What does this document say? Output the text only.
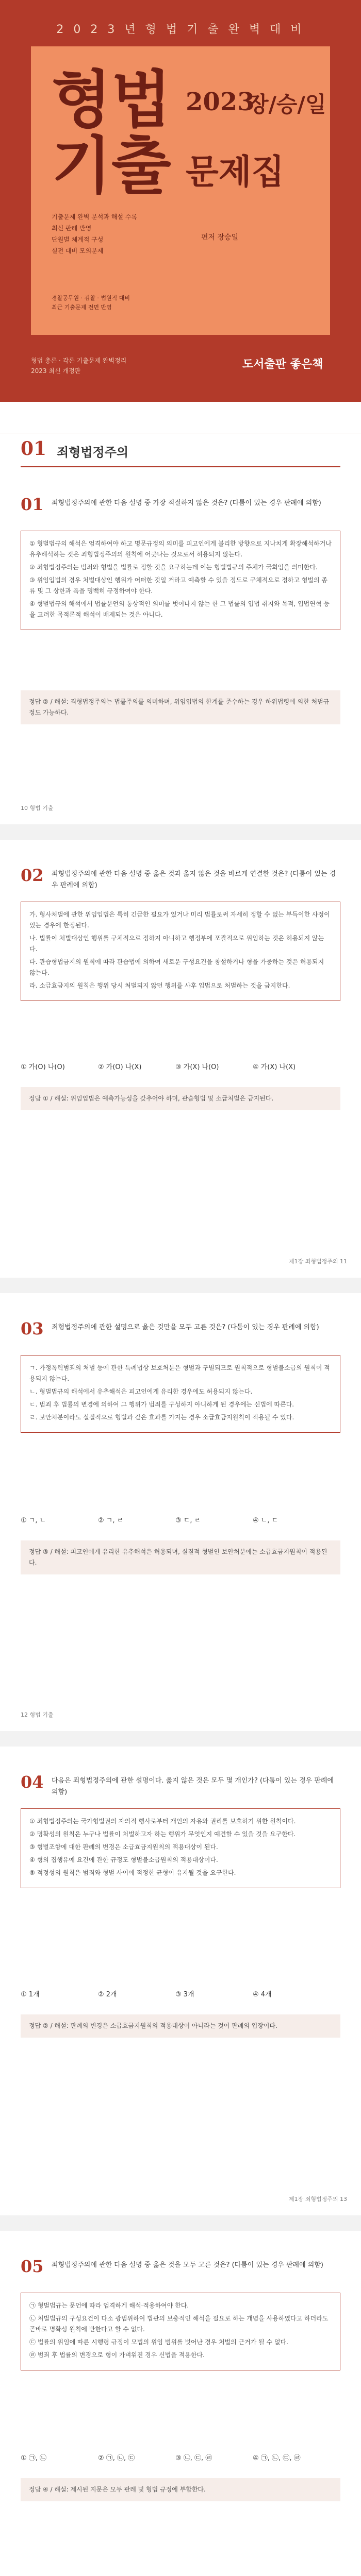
2 0 2 3 년 형 법 기 출 완 벽 대 비
형법
기출
2023
장/승/일
문제집
기출문제 완벽 분석과 해설 수록
최신 판례 반영
단원별 체계적 구성
실전 대비 모의문제
편저 장승일
경찰공무원 · 검찰 · 법원직 대비
최근 기출문제 전면 반영
형법 총론 · 각론 기출문제 완벽정리
2023 최신 개정판	도서출판 좋은책
01 죄형법정주의
01 죄형법정주의에 관한 다음 설명 중 가장 적절하지 않은 것은? (다툼이 있는 경우 판례에 의함)
① 형벌법규의 해석은 엄격하여야 하고 명문규정의 의미를 피고인에게 불리한 방향으로 지나치게 확장해석하거나 유추해석하는 것은 죄형법정주의의 원칙에 어긋나는 것으로서 허용되지 않는다.
② 죄형법정주의는 범죄와 형벌을 법률로 정할 것을 요구하는데 이는 형벌법규의 주체가 국회임을 의미한다.
③ 위임입법의 경우 처벌대상인 행위가 어떠한 것일 거라고 예측할 수 있을 정도로 구체적으로 정하고 형벌의 종류 및 그 상한과 폭을 명백히 규정하여야 한다.
④ 형벌법규의 해석에서 법률문언의 통상적인 의미를 벗어나지 않는 한 그 법률의 입법 취지와 목적, 입법연혁 등을 고려한 목적론적 해석이 배제되는 것은 아니다.
정답 ② / 해설: 죄형법정주의는 법률주의를 의미하며, 위임입법의 한계를 준수하는 경우 하위법령에 의한 처벌규정도 가능하다.
10 형법 기출
02 죄형법정주의에 관한 다음 설명 중 옳은 것과 옳지 않은 것을 바르게 연결한 것은? (다툼이 있는 경우 판례에 의함)
가. 형사처벌에 관한 위임입법은 특히 긴급한 필요가 있거나 미리 법률로써 자세히 정할 수 없는 부득이한 사정이 있는 경우에 한정된다.
나. 법률이 처벌대상인 행위를 구체적으로 정하지 아니하고 행정부에 포괄적으로 위임하는 것은 허용되지 않는다.
다. 관습형법금지의 원칙에 따라 관습법에 의하여 새로운 구성요건을 창설하거나 형을 가중하는 것은 허용되지 않는다.
라. 소급효금지의 원칙은 행위 당시 처벌되지 않던 행위를 사후 입법으로 처벌하는 것을 금지한다.
① 가(O) 나(O)	② 가(O) 나(X)	③ 가(X) 나(O)	④ 가(X) 나(X)
정답 ① / 해설: 위임입법은 예측가능성을 갖추어야 하며, 관습형법 및 소급처벌은 금지된다.
제1장 죄형법정주의 11
03 죄형법정주의에 관한 설명으로 옳은 것만을 모두 고른 것은? (다툼이 있는 경우 판례에 의함)
ㄱ. 가정폭력범죄의 처벌 등에 관한 특례법상 보호처분은 형벌과 구별되므로 원칙적으로 형벌불소급의 원칙이 적용되지 않는다.
ㄴ. 형벌법규의 해석에서 유추해석은 피고인에게 유리한 경우에도 허용되지 않는다.
ㄷ. 범죄 후 법률의 변경에 의하여 그 행위가 범죄를 구성하지 아니하게 된 경우에는 신법에 따른다.
ㄹ. 보안처분이라도 실질적으로 형벌과 같은 효과를 가지는 경우 소급효금지원칙이 적용될 수 있다.
① ㄱ, ㄴ	② ㄱ, ㄹ	③ ㄷ, ㄹ	④ ㄴ, ㄷ
정답 ③ / 해설: 피고인에게 유리한 유추해석은 허용되며, 실질적 형벌인 보안처분에는 소급효금지원칙이 적용된다.
12 형법 기출
04 다음은 죄형법정주의에 관한 설명이다. 옳지 않은 것은 모두 몇 개인가? (다툼이 있는 경우 판례에 의함)
① 죄형법정주의는 국가형벌권의 자의적 행사로부터 개인의 자유와 권리를 보호하기 위한 원칙이다.
② 명확성의 원칙은 누구나 법률이 처벌하고자 하는 행위가 무엇인지 예견할 수 있을 것을 요구한다.
③ 형벌조항에 대한 판례의 변경은 소급효금지원칙의 적용대상이 된다.
④ 형의 집행유예 요건에 관한 규정도 형벌불소급원칙의 적용대상이다.
⑤ 적정성의 원칙은 범죄와 형벌 사이에 적정한 균형이 유지될 것을 요구한다.
① 1개	② 2개	③ 3개	④ 4개
정답 ② / 해설: 판례의 변경은 소급효금지원칙의 적용대상이 아니라는 것이 판례의 입장이다.
제1장 죄형법정주의 13
05 죄형법정주의에 관한 다음 설명 중 옳은 것을 모두 고른 것은? (다툼이 있는 경우 판례에 의함)
㉠ 형벌법규는 문언에 따라 엄격하게 해석·적용하여야 한다.
㉡ 처벌법규의 구성요건이 다소 광범위하여 법관의 보충적인 해석을 필요로 하는 개념을 사용하였다고 하더라도 곧바로 명확성 원칙에 반한다고 할 수 없다.
㉢ 법률의 위임에 따른 시행령 규정이 모법의 위임 범위를 벗어난 경우 처벌의 근거가 될 수 없다.
㉣ 범죄 후 법률의 변경으로 형이 가벼워진 경우 신법을 적용한다.
① ㉠, ㉡	② ㉠, ㉡, ㉢	③ ㉡, ㉢, ㉣	④ ㉠, ㉡, ㉢, ㉣
정답 ④ / 해설: 제시된 지문은 모두 판례 및 형법 규정에 부합한다.
